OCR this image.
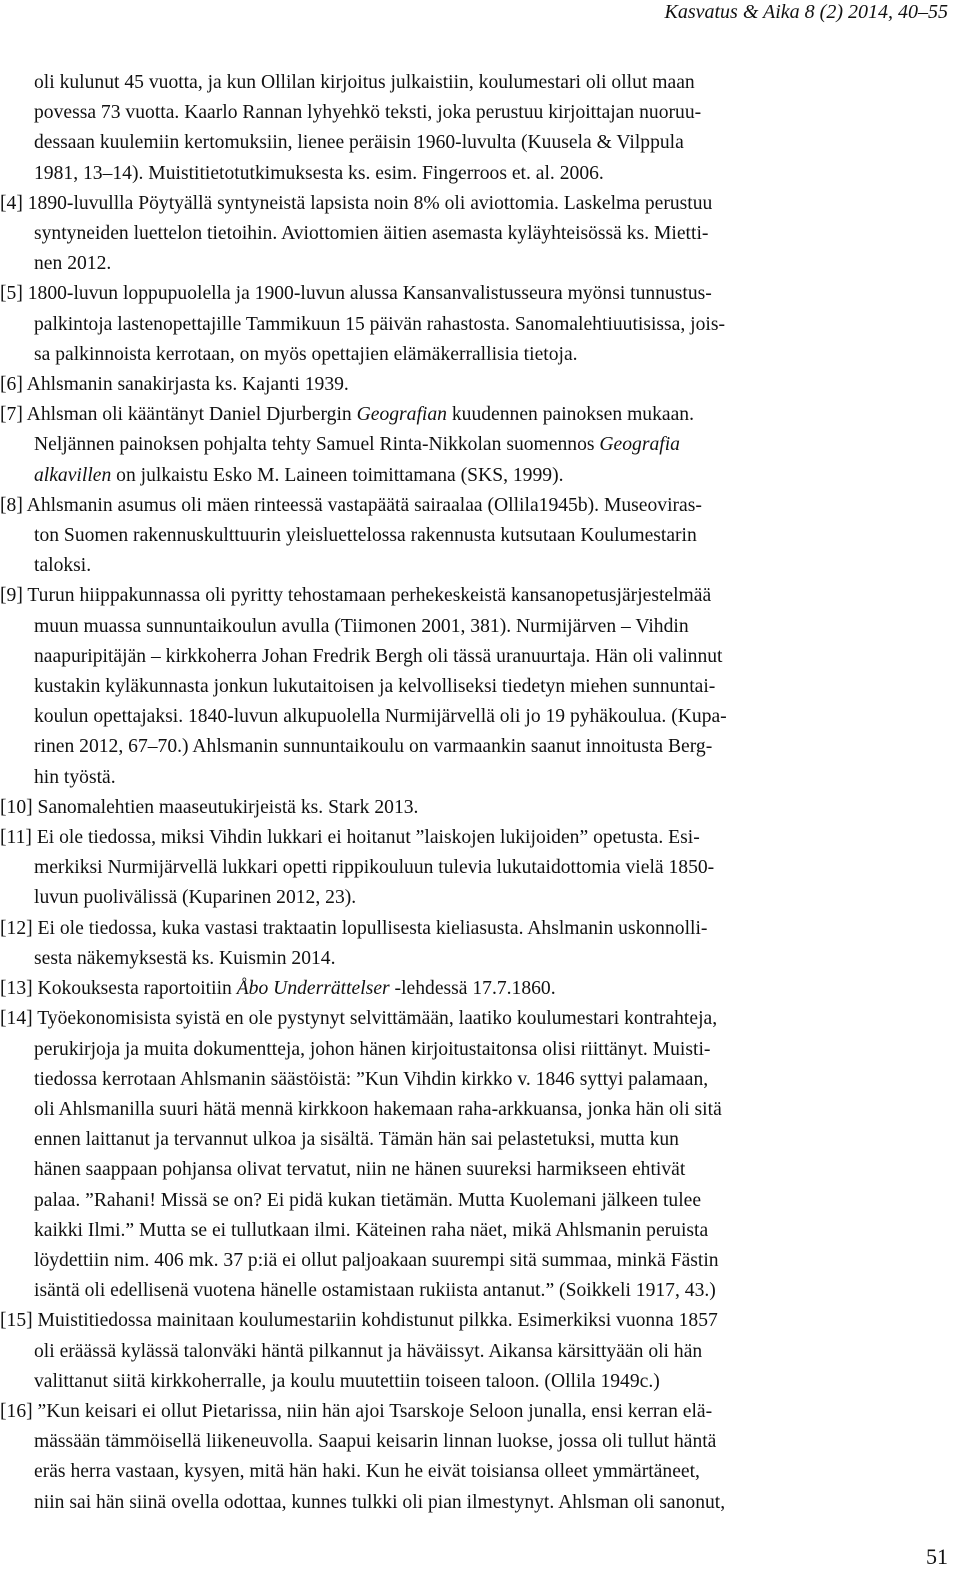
Kasvatus & Aika 8 (2) 2014, 40–55
oli kulunut 45 vuotta, ja kun Ollilan kirjoitus julkaistiin, koulumestari oli ollut maan
povessa 73 vuotta. Kaarlo Rannan lyhyehkö teksti, joka perustuu kirjoittajan nuoruu-
dessaan kuulemiin kertomuksiin, lienee peräisin 1960-luvulta (Kuusela & Vilppula
1981, 13–14). Muistitietotutkimuksesta ks. esim. Fingerroos et. al. 2006.
[4] 1890-luvullla Pöytyällä syntyneistä lapsista noin 8% oli aviottomia. Laskelma perustuu
syntyneiden luettelon tietoihin. Aviottomien äitien asemasta kyläyhteisössä ks. Mietti-
nen 2012.
[5] 1800-luvun loppupuolella ja 1900-luvun alussa Kansanvalistusseura myönsi tunnustus-
palkintoja lastenopettajille Tammikuun 15 päivän rahastosta. Sanomalehtiuutisissa, jois-
sa palkinnoista kerrotaan, on myös opettajien elämäkerrallisia tietoja.
[6] Ahlsmanin sanakirjasta ks. Kajanti 1939.
[7] Ahlsman oli kääntänyt Daniel Djurbergin Geografian kuudennen painoksen mukaan.
Neljännen painoksen pohjalta tehty Samuel Rinta-Nikkolan suomennos Geografia
alkavillen on julkaistu Esko M. Laineen toimittamana (SKS, 1999).
[8] Ahlsmanin asumus oli mäen rinteessä vastapäätä sairaalaa (Ollila1945b). Museoviras-
ton Suomen rakennuskulttuurin yleisluettelossa rakennusta kutsutaan Koulumestarin
taloksi.
[9] Turun hiippakunnassa oli pyritty tehostamaan perhekeskeistä kansanopetusjärjestelmää
muun muassa sunnuntaikoulun avulla (Tiimonen 2001, 381). Nurmijärven – Vihdin
naapuripitäjän – kirkkoherra Johan Fredrik Bergh oli tässä uranuurtaja. Hän oli valinnut
kustakin kyläkunnasta jonkun lukutaitoisen ja kelvolliseksi tiedetyn miehen sunnuntai-
koulun opettajaksi. 1840-luvun alkupuolella Nurmijärvellä oli jo 19 pyhäkoulua. (Kupa-
rinen 2012, 67–70.) Ahlsmanin sunnuntaikoulu on varmaankin saanut innoitusta Berg-
hin työstä.
[10] Sanomalehtien maaseutukirjeistä ks. Stark 2013.
[11] Ei ole tiedossa, miksi Vihdin lukkari ei hoitanut ”laiskojen lukijoiden” opetusta. Esi-
merkiksi Nurmijärvellä lukkari opetti rippikouluun tulevia lukutaidottomia vielä 1850-
luvun puolivälissä (Kuparinen 2012, 23).
[12] Ei ole tiedossa, kuka vastasi traktaatin lopullisesta kieliasusta. Ahslmanin uskonnolli-
sesta näkemyksestä ks. Kuismin 2014.
[13] Kokouksesta raportoitiin Åbo Underrättelser -lehdessä 17.7.1860.
[14] Työekonomisista syistä en ole pystynyt selvittämään, laatiko koulumestari kontrahteja,
perukirjoja ja muita dokumentteja, johon hänen kirjoitustaitonsa olisi riittänyt. Muisti-
tiedossa kerrotaan Ahlsmanin säästöistä: ”Kun Vihdin kirkko v. 1846 syttyi palamaan,
oli Ahlsmanilla suuri hätä mennä kirkkoon hakemaan raha-arkkuansa, jonka hän oli sitä
ennen laittanut ja tervannut ulkoa ja sisältä. Tämän hän sai pelastetuksi, mutta kun
hänen saappaan pohjansa olivat tervatut, niin ne hänen suureksi harmikseen ehtivät
palaa. ”Rahani! Missä se on? Ei pidä kukan tietämän. Mutta Kuolemani jälkeen tulee
kaikki Ilmi.” Mutta se ei tullutkaan ilmi. Käteinen raha näet, mikä Ahlsmanin peruista
löydettiin nim. 406 mk. 37 p:iä ei ollut paljoakaan suurempi sitä summaa, minkä Fästin
isäntä oli edellisenä vuotena hänelle ostamistaan rukiista antanut.” (Soikkeli 1917, 43.)
[15] Muistitiedossa mainitaan koulumestariin kohdistunut pilkka. Esimerkiksi vuonna 1857
oli eräässä kylässä talonväki häntä pilkannut ja häväissyt. Aikansa kärsittyään oli hän
valittanut siitä kirkkoherralle, ja koulu muutettiin toiseen taloon. (Ollila 1949c.)
[16] ”Kun keisari ei ollut Pietarissa, niin hän ajoi Tsarskoje Seloon junalla, ensi kerran elä-
mässään tämmöisellä liikeneuvolla. Saapui keisarin linnan luokse, jossa oli tullut häntä
eräs herra vastaan, kysyen, mitä hän haki. Kun he eivät toisiansa olleet ymmärtäneet,
niin sai hän siinä ovella odottaa, kunnes tulkki oli pian ilmestynyt. Ahlsman oli sanonut,
51
